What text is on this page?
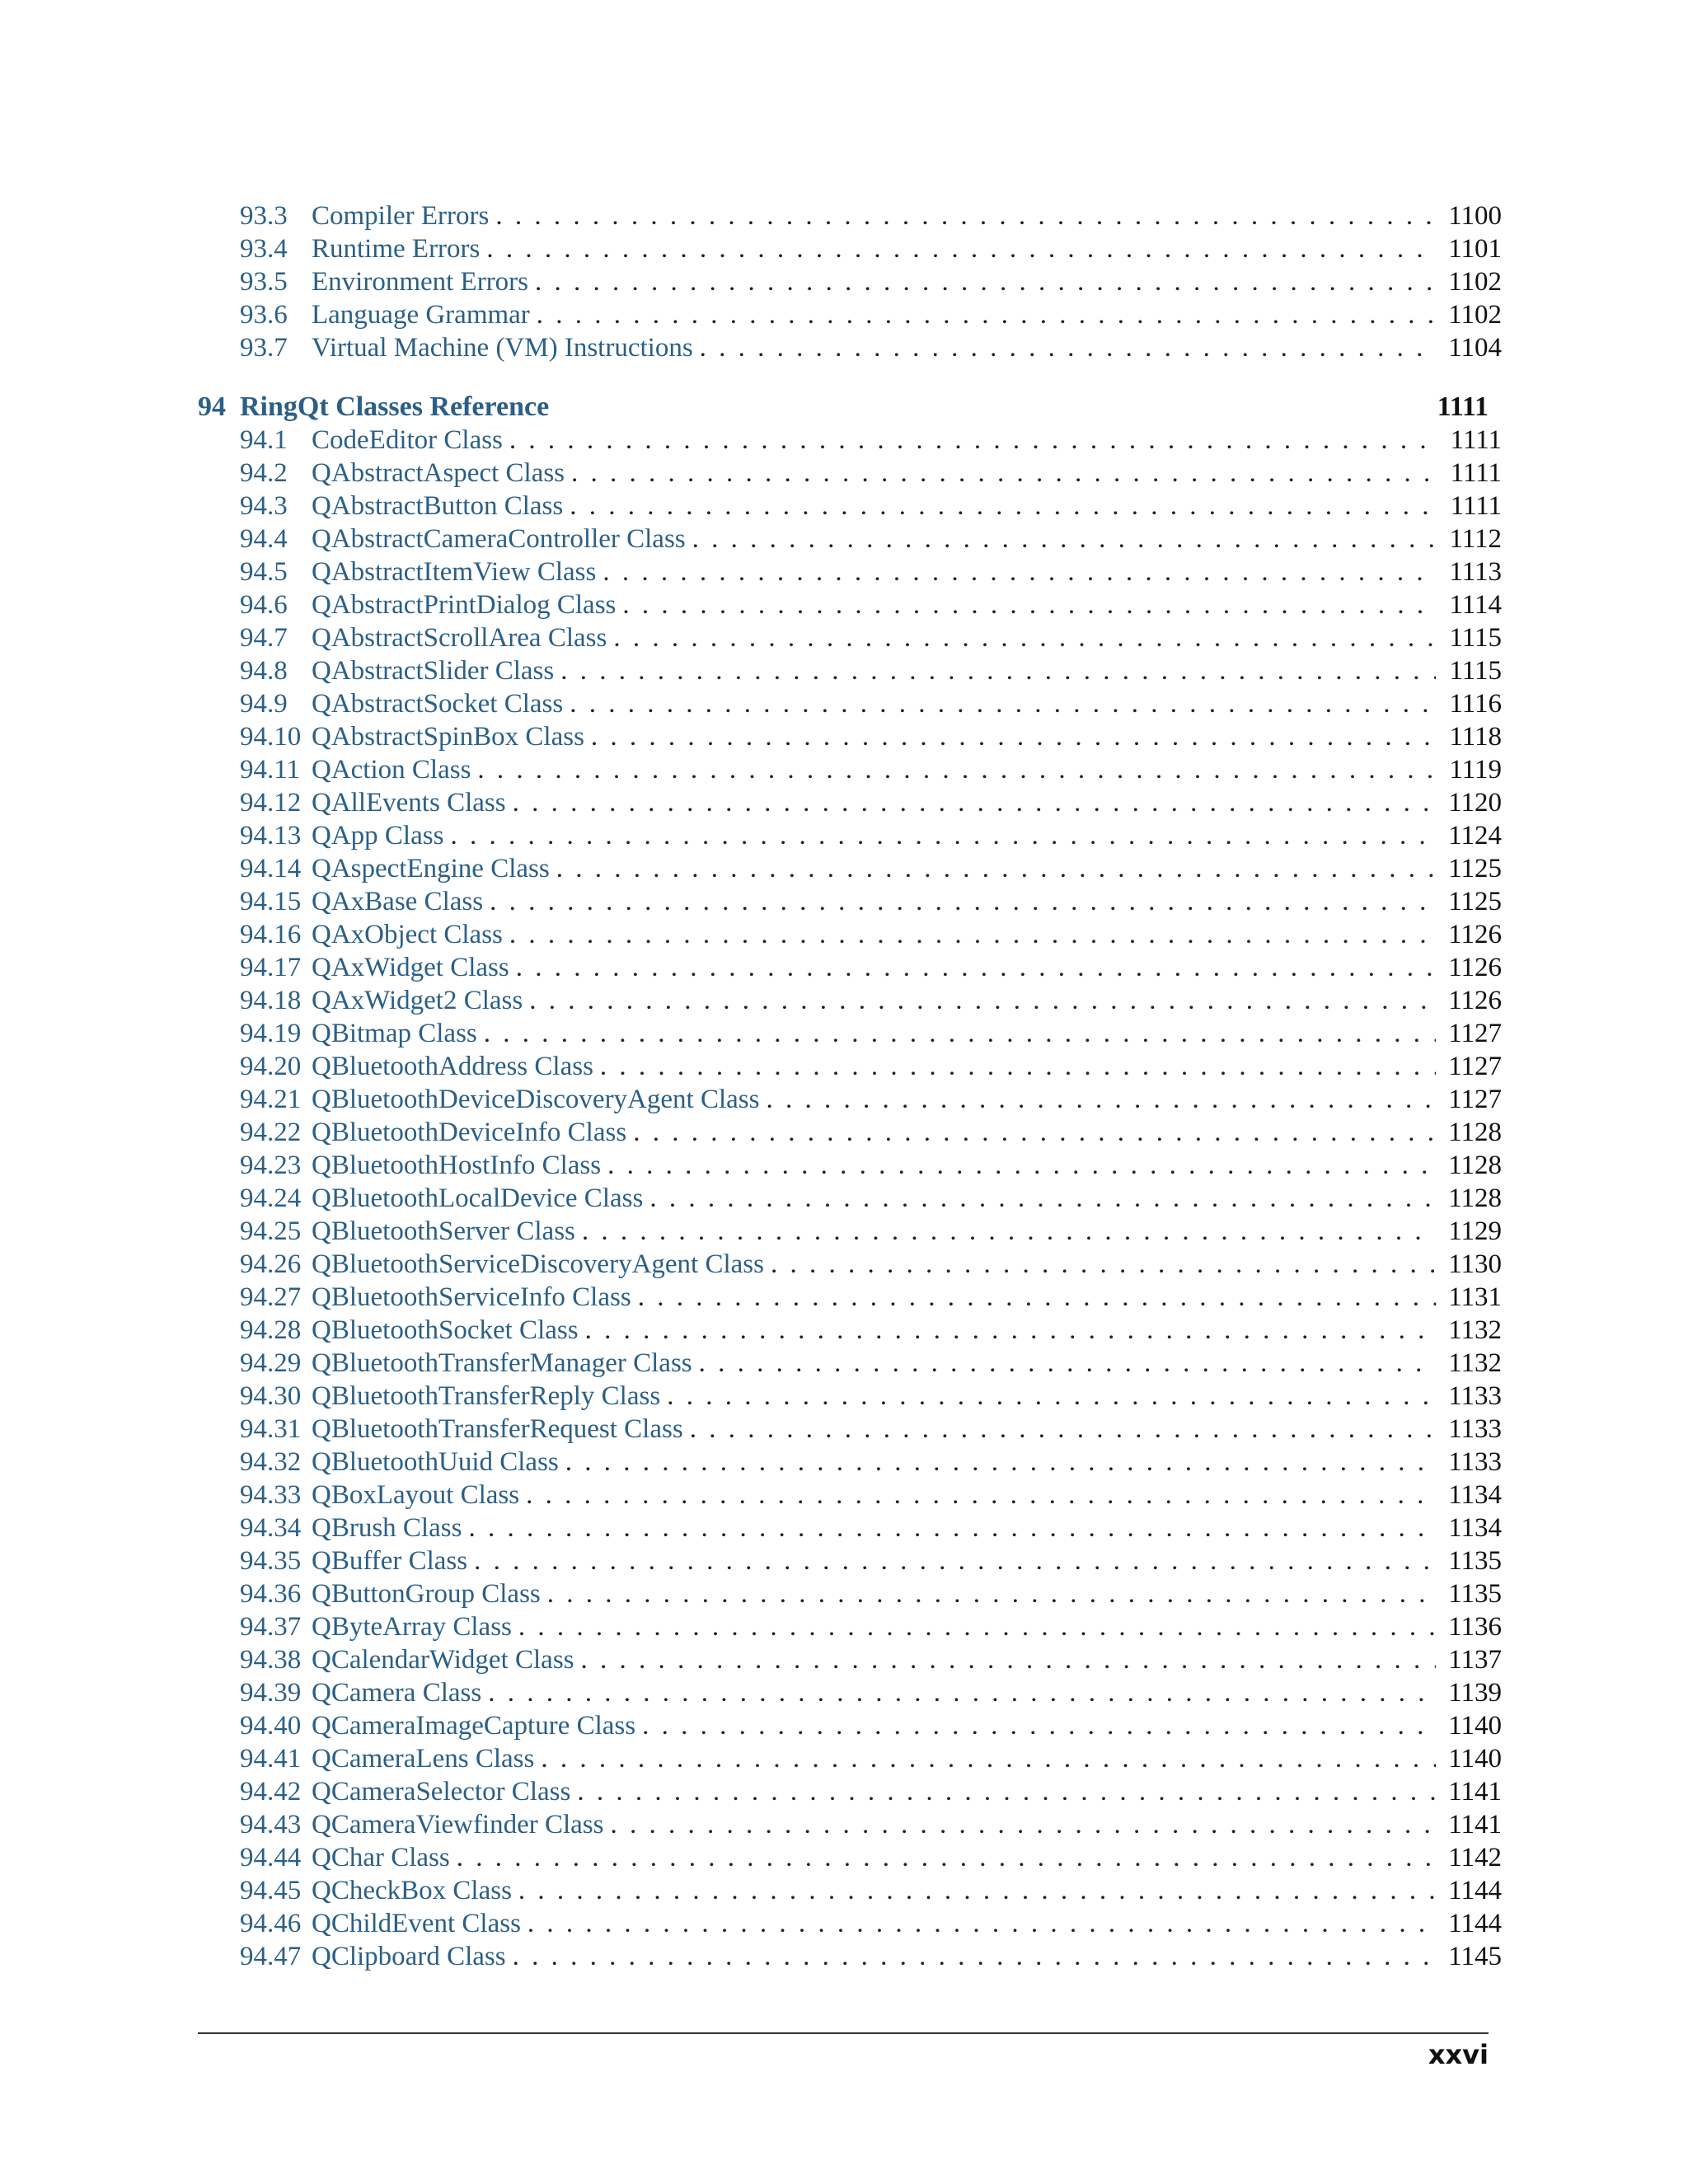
93.3 Compiler Errors . . .	1100
93.4 Runtime Errors . . .	1101
93.5 Environment Errors . . .	1102
93.6 Language Grammar . . .	1102
93.7 Virtual Machine (VM) Instructions . . .	1104
94 RingQt Classes Reference	1111
94.1 CodeEditor Class . . .	1111
94.2 QAbstractAspect Class . . .	1111
94.3 QAbstractButton Class . . .	1111
94.4 QAbstractCameraController Class . . .	1112
94.5 QAbstractItemView Class . . .	1113
94.6 QAbstractPrintDialog Class . . .	1114
94.7 QAbstractScrollArea Class . . .	1115
94.8 QAbstractSlider Class . . .	1115
94.9 QAbstractSocket Class . . .	1116
94.10 QAbstractSpinBox Class . . .	1118
94.11 QAction Class . . .	1119
94.12 QAllEvents Class . . .	1120
94.13 QApp Class . . .	1124
94.14 QAspectEngine Class . . .	1125
94.15 QAxBase Class . . .	1125
94.16 QAxObject Class . . .	1126
94.17 QAxWidget Class . . .	1126
94.18 QAxWidget2 Class . . .	1126
94.19 QBitmap Class . . .	1127
94.20 QBluetoothAddress Class . . .	1127
94.21 QBluetoothDeviceDiscoveryAgent Class . . .	1127
94.22 QBluetoothDeviceInfo Class . . .	1128
94.23 QBluetoothHostInfo Class . . .	1128
94.24 QBluetoothLocalDevice Class . . .	1128
94.25 QBluetoothServer Class . . .	1129
94.26 QBluetoothServiceDiscoveryAgent Class . . .	1130
94.27 QBluetoothServiceInfo Class . . .	1131
94.28 QBluetoothSocket Class . . .	1132
94.29 QBluetoothTransferManager Class . . .	1132
94.30 QBluetoothTransferReply Class . . .	1133
94.31 QBluetoothTransferRequest Class . . .	1133
94.32 QBluetoothUuid Class . . .	1133
94.33 QBoxLayout Class . . .	1134
94.34 QBrush Class . . .	1134
94.35 QBuffer Class . . .	1135
94.36 QButtonGroup Class . . .	1135
94.37 QByteArray Class . . .	1136
94.38 QCalendarWidget Class . . .	1137
94.39 QCamera Class . . .	1139
94.40 QCameraImageCapture Class . . .	1140
94.41 QCameraLens Class . . .	1140
94.42 QCameraSelector Class . . .	1141
94.43 QCameraViewfinder Class . . .	1141
94.44 QChar Class . . .	1142
94.45 QCheckBox Class . . .	1144
94.46 QChildEvent Class . . .	1144
94.47 QClipboard Class . . .	1145
xxvi
